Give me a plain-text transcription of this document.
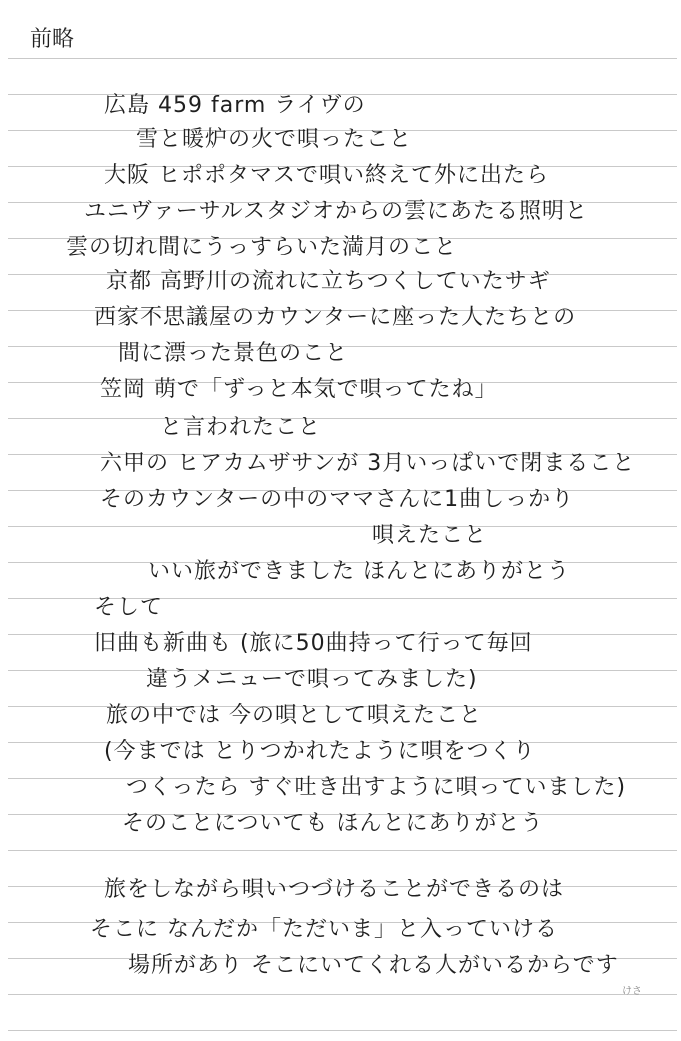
前略
広島 459 farm ライヴの
雪と暖炉の火で唄ったこと
大阪 ヒポポタマスで唄い終えて外に出たら
ユニヴァーサルスタジオからの雲にあたる照明と
雲の切れ間にうっすらいた満月のこと
京都 高野川の流れに立ちつくしていたサギ
西家不思議屋のカウンターに座った人たちとの
間に漂った景色のこと
笠岡 萌で「ずっと本気で唄ってたね」
と言われたこと
六甲の ヒアカムザサンが 3月いっぱいで閉まること
そのカウンターの中のママさんに1曲しっかり
唄えたこと
いい旅ができました ほんとにありがとう
そして
旧曲も新曲も (旅に50曲持って行って毎回
違うメニューで唄ってみました)
旅の中では 今の唄として唄えたこと
(今までは とりつかれたように唄をつくり
つくったら すぐ吐き出すように唄っていました)
そのことについても ほんとにありがとう
旅をしながら唄いつづけることができるのは
そこに なんだか「ただいま」と入っていける
場所があり そこにいてくれる人がいるからです
けさ
